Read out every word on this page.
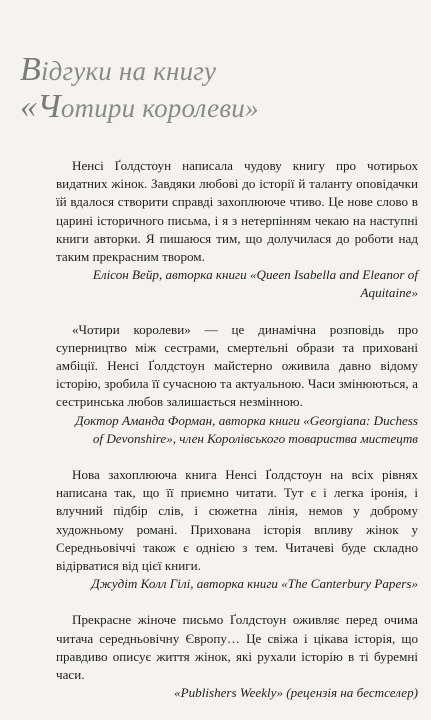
Відгуки на книгу
«Чотири королеви»

Ненсі Ґолдстоун написала чудову книгу про чотирьох видатних жінок. Завдяки любові до історії й таланту оповідачки їй вдалося створити справді захоплююче чтиво. Це нове слово в царині історичного письма, і я з нетерпінням чекаю на наступні книги авторки. Я пишаюся тим, що долучилася до роботи над таким прекрасним твором.

Елісон Вейр, авторка книги «Queen Isabella and Eleanor of Aquitaine»

«Чотири королеви» — це динамічна розповідь про суперництво між сестрами, смертельні образи та приховані амбіції. Ненсі Ґолдстоун майстерно оживила давно відому історію, зробила її сучасною та актуальною. Часи змінюються, а сестринська любов залишається незмінною.

Доктор Аманда Форман, авторка книги «Georgiana: Duchess of Devonshire», член Королівського товариства мистецтв

Нова захоплююча книга Ненсі Ґолдстоун на всіх рівнях написана так, що її приємно читати. Тут є і легка іронія, і влучний підбір слів, і сюжетна лінія, немов у доброму художньому романі. Прихована історія впливу жінок у Середньовіччі також є однією з тем. Читачеві буде складно відірватися від цієї книги.

Джудіт Колл Гілі, авторка книги «The Canterbury Papers»

Прекрасне жіноче письмо Ґолдстоун оживляє перед очима читача середньовічну Європу… Це свіжа і цікава історія, що правдиво описує життя жінок, які рухали історію в ті буремні часи.

«Publishers Weekly» (рецензія на бестселер)
